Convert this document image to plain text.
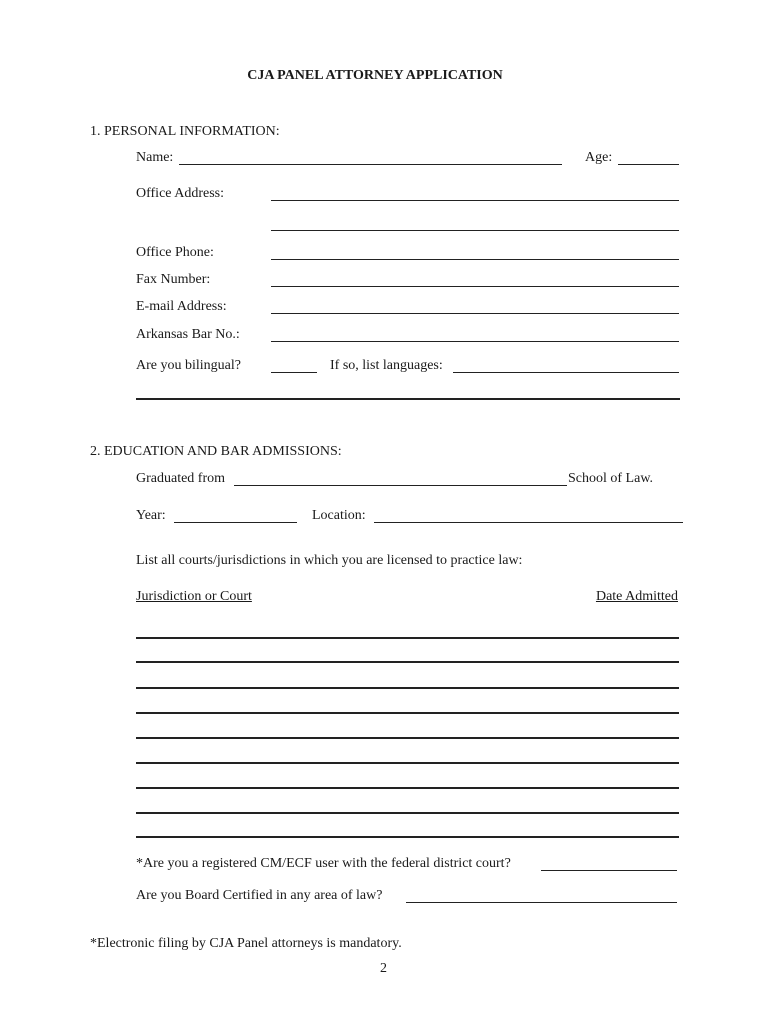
CJA PANEL ATTORNEY APPLICATION
1. PERSONAL INFORMATION:
Name:	Age:
Office Address:
Office Phone:
Fax Number:
E-mail Address:
Arkansas Bar No.:
Are you bilingual?	If so, list languages:
2. EDUCATION AND BAR ADMISSIONS:
Graduated from	School of Law.
Year:	Location:
List all courts/jurisdictions in which you are licensed to practice law:
Jurisdiction or Court	Date Admitted
*Are you a registered CM/ECF user with the federal district court?
Are you Board Certified in any area of law?
*Electronic filing by CJA Panel attorneys is mandatory.
2
